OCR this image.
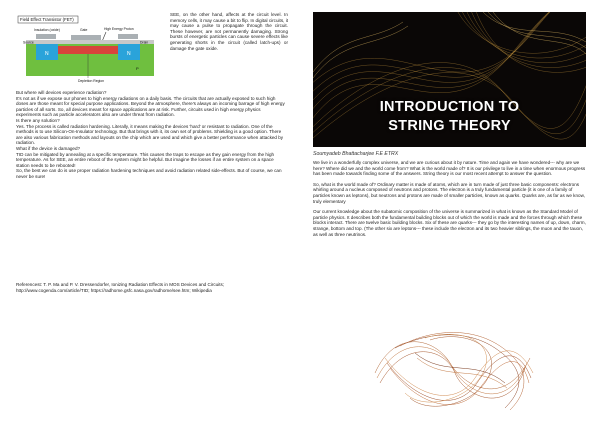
Field Effect Transistor (FET)
Insulation (oxide)	Gate	High Energy Proton
Source	Drain
N	N
P
Depletion Region
SEE, on the other hand, affects at the circuit level. In memory cells, it may cause a bit to flip. In digital circuits, it may cause a pulse to propagate through the circuit. These however, are not permanently damaging. Strong bursts of energetic particles can cause severe effects like generating shorts in the circuit (called latch-ups) or damage the gate oxide.

But where will devices experience radiation?

It's not as if we expose our phones to high energy radiations on a daily basis. The circuits that are actually exposed to such high doses are those meant for special purpose applications. Beyond the atmosphere, there's always an incoming barrage of high energy particles of all sorts. So, all devices meant for space applications are at risk. Further, circuits used in high energy physics experiments such as particle accelerators also are under threat from radiation.

Is there any solution?

Yes. The process is called radiation hardening. Literally, it means making the devices 'hard' or resistant to radiation. One of the methods is to use Silicon-On-Insulator technology. But that brings with it, its own set of problems. Shielding is a good option. There are also various fabrication methods and layouts on the chip which are used and which give a better performance when attacked by radiation.

What if the device is damaged?

TID can be mitigated by annealing at a specific temperature. This causes the traps to escape as they gain energy from the high temperature. As for SEE, an entire reboot of the system might be helpful. But imagine the losses if an entire system on a space station needs to be rebooted!

So, the best we can do is use proper radiation hardening techniques and avoid radiation related side-effects. But of course, we can never be sure!

Referencest: T. P. Ma and P. V. Dressendorfer, Ionizing Radiation Effects in MOS Devices and Circuits; http://www.cogenda.com/article/TID; https://radhome.gsfc.nasa.gov/radhome/see.htm; Wikipedia
INTRODUCTION TO
STRING THEORY
Soumyadeb Bhattacharjee F.E ETRX

We live in a wonderfully complex universe, and we are curious about it by nature. Time and again we have wondered--- why are we here? Where did we and the world come from? What is the world made of? It is our privilege to live in a time when enormous progress has been made towards finding some of the answers. String theory is our most recent attempt to answer the question.

So, what is the world made of? Ordinary matter is made of atoms, which are in turn made of just three basic components: electrons whirling around a nucleus composed of neutrons and protons. The electron is a truly fundamental particle (it is one of a family of particles known as leptons), but neutrons and protons are made of smaller particles, known as quarks. Quarks are, as far as we know, truly elementary

Our current knowledge about the subatomic composition of the universe is summarized in what is known as the Standard Model of particle physics. It describes both the fundamental building blocks out of which the world is made and the forces through which these blocks interact. There are twelve basic building blocks. Six of these are quarks--- they go by the interesting names of up, down, charm, strange, bottom and top. (The other six are leptons--- these include the electron and its two heavier siblings, the muon and the tauon, as well as three neutrinos.
